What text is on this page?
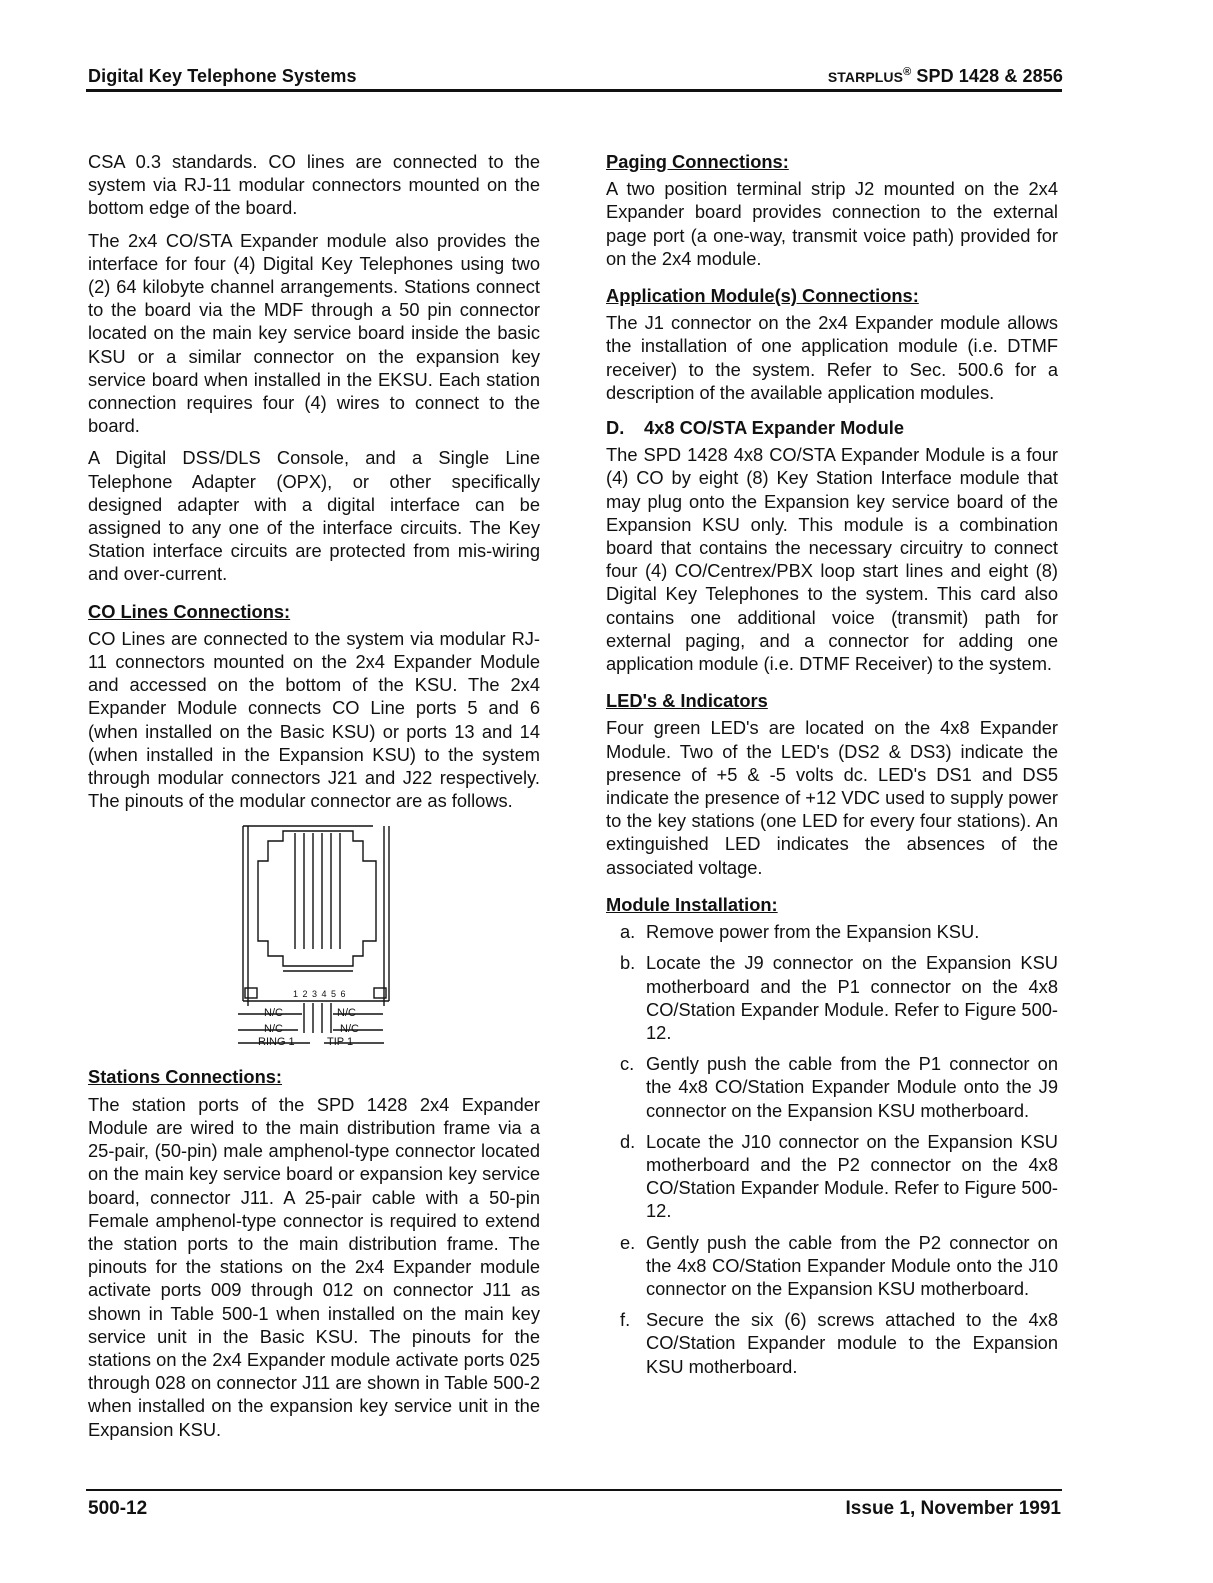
Digital Key Telephone Systems	STARPLUS® SPD 1428 & 2856

CSA 0.3 standards. CO lines are connected to the system via RJ-11 modular connectors mounted on the bottom edge of the board.

The 2x4 CO/STA Expander module also provides the interface for four (4) Digital Key Telephones using two (2) 64 kilobyte channel arrangements. Stations connect to the board via the MDF through a 50 pin connector located on the main key service board inside the basic KSU or a similar connector on the expansion key service board when installed in the EKSU. Each station connection requires four (4) wires to connect to the board.

A Digital DSS/DLS Console, and a Single Line Telephone Adapter (OPX), or other specifically designed adapter with a digital interface can be assigned to any one of the interface circuits. The Key Station interface circuits are protected from mis-wiring and over-current.

CO Lines Connections:

CO Lines are connected to the system via modular RJ-11 connectors mounted on the 2x4 Expander Module and accessed on the bottom of the KSU. The 2x4 Expander Module connects CO Line ports 5 and 6 (when installed on the Basic KSU) or ports 13 and 14 (when installed in the Expansion KSU) to the system through modular connectors J21 and J22 respectively. The pinouts of the modular connector are as follows.

1 2 3 4 5 6
N/C	N/C
N/C	N/C
RING 1	TIP 1
Stations Connections:

The station ports of the SPD 1428 2x4 Expander Module are wired to the main distribution frame via a 25-pair, (50-pin) male amphenol-type connector located on the main key service board or expansion key service board, connector J11. A 25-pair cable with a 50-pin Female amphenol-type connector is required to extend the station ports to the main distribution frame. The pinouts for the stations on the 2x4 Expander module activate ports 009 through 012 on connector J11 as shown in Table 500-1 when installed on the main key service unit in the Basic KSU. The pinouts for the stations on the 2x4 Expander module activate ports 025 through 028 on connector J11 are shown in Table 500-2 when installed on the expansion key service unit in the Expansion KSU.

Paging Connections:

A two position terminal strip J2 mounted on the 2x4 Expander board provides connection to the external page port (a one-way, transmit voice path) provided for on the 2x4 module.

Application Module(s) Connections:

The J1 connector on the 2x4 Expander module allows the installation of one application module (i.e. DTMF receiver) to the system. Refer to Sec. 500.6 for a description of the available application modules.

D. 4x8 CO/STA Expander Module

The SPD 1428 4x8 CO/STA Expander Module is a four (4) CO by eight (8) Key Station Interface module that may plug onto the Expansion key service board of the Expansion KSU only. This module is a combination board that contains the necessary circuitry to connect four (4) CO/Centrex/PBX loop start lines and eight (8) Digital Key Telephones to the system. This card also contains one additional voice (transmit) path for external paging, and a connector for adding one application module (i.e. DTMF Receiver) to the system.

LED's & Indicators

Four green LED's are located on the 4x8 Expander Module. Two of the LED's (DS2 & DS3) indicate the presence of +5 & -5 volts dc. LED's DS1 and DS5 indicate the presence of +12 VDC used to supply power to the key stations (one LED for every four stations). An extinguished LED indicates the absences of the associated voltage.

Module Installation:
a. Remove power from the Expansion KSU.
b. Locate the J9 connector on the Expansion KSU motherboard and the P1 connector on the 4x8 CO/Station Expander Module. Refer to Figure 500-12.
c. Gently push the cable from the P1 connector on the 4x8 CO/Station Expander Module onto the J9 connector on the Expansion KSU motherboard.
d. Locate the J10 connector on the Expansion KSU motherboard and the P2 connector on the 4x8 CO/Station Expander Module. Refer to Figure 500-12.
e. Gently push the cable from the P2 connector on the 4x8 CO/Station Expander Module onto the J10 connector on the Expansion KSU motherboard.
f. Secure the six (6) screws attached to the 4x8 CO/Station Expander module to the Expansion KSU motherboard.
500-12	Issue 1, November 1991
